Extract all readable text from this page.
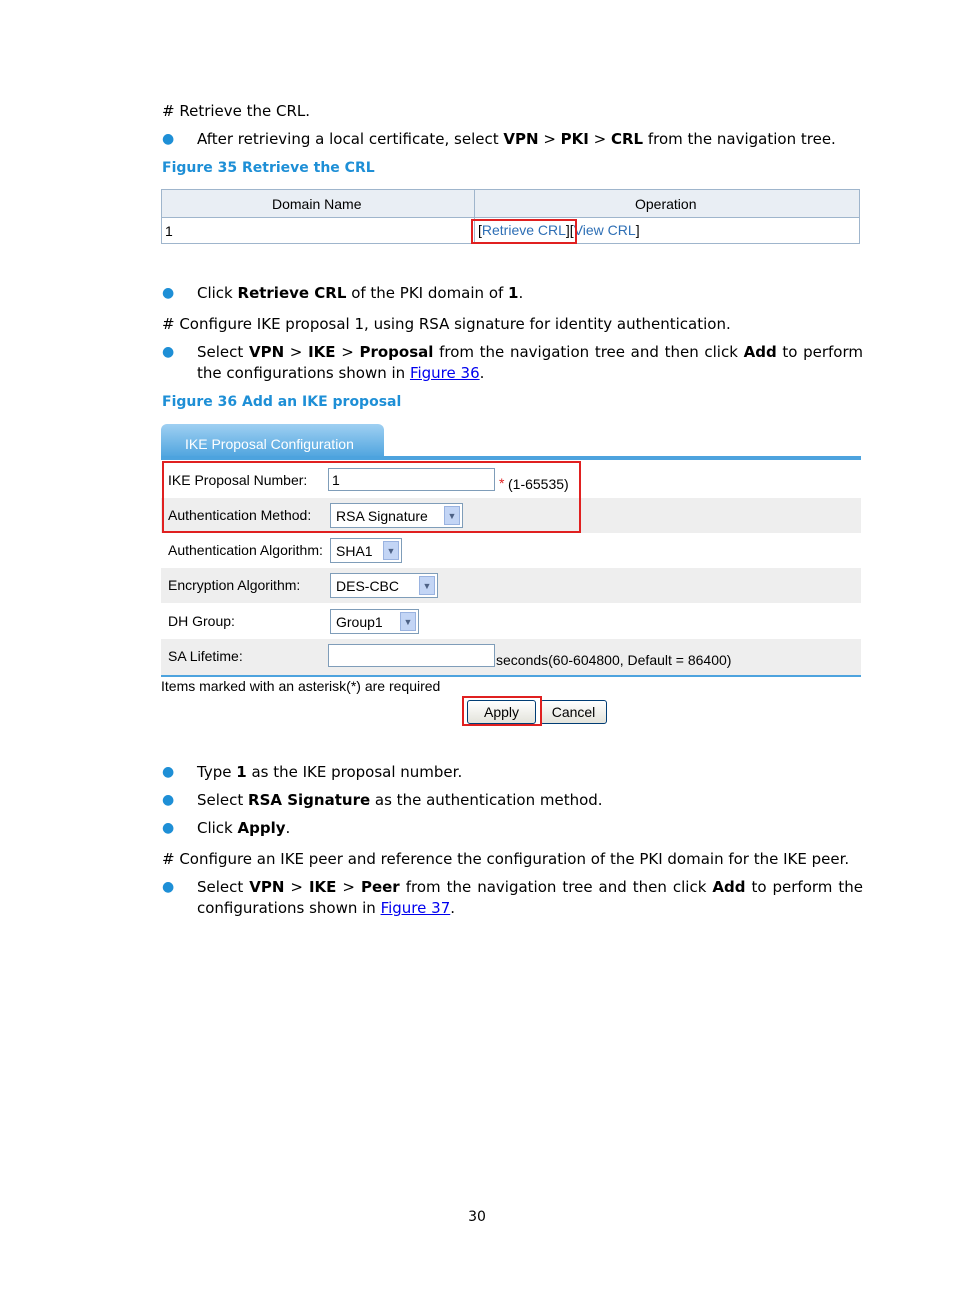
# Retrieve the CRL.

● After retrieving a local certificate, select VPN > PKI > CRL from the navigation tree.
Figure 35 Retrieve the CRL
Domain Name	Operation
1	[Retrieve CRL][View CRL]
● Click Retrieve CRL of the PKI domain of 1.

# Configure IKE proposal 1, using RSA signature for identity authentication.

● Select VPN > IKE > Proposal from the navigation tree and then click Add to perform the configurations shown in Figure 36.
Figure 36 Add an IKE proposal
IKE Proposal Configuration
IKE Proposal Number: 1	* (1-65535)
Authentication Method: RSA Signature	▼
Authentication Algorithm: SHA1	▼
Encryption Algorithm:	DES-CBC	▼
DH Group:	Group1	▼
SA Lifetime:	seconds(60-604800, Default = 86400)
Items marked with an asterisk(*) are required
Apply	Cancel
● Type 1 as the IKE proposal number.
● Select RSA Signature as the authentication method.
● Click Apply.

# Configure an IKE peer and reference the configuration of the PKI domain for the IKE peer.

● Select VPN > IKE > Peer from the navigation tree and then click Add to perform the configurations shown in Figure 37.
30
